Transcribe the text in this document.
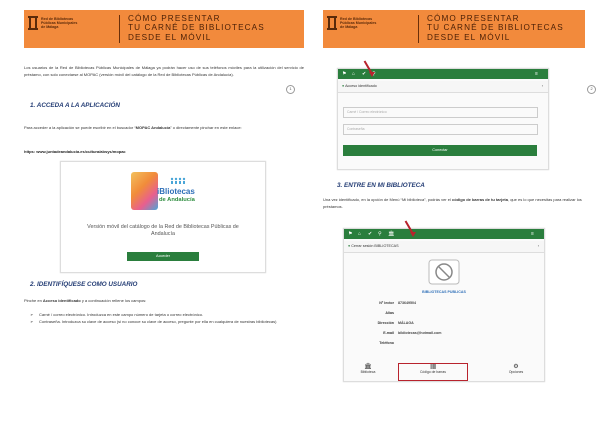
Red de Bibliotecas
Públicas Municipales
de Málaga
CÓMO PRESENTAR
TU CARNÉ DE BIBLIOTECAS
DESDE EL MÓVIL
Los usuarios de la Red de Bibliotecas Públicas Municipales de Málaga ya podrán hacer uso de sus teléfonos móviles para la utilización del servicio de préstamo, con solo conectarse al MOPAC (versión móvil del catálogo de la Red de Bibliotecas Públicas de Andalucía).
1. ACCEDA A LA APLICACIÓN
Para acceder a la aplicación se puede escribir en el buscador “MOPAC Andalucía” o directamente pinchar en este enlace:
https: www.juntadeandalucia.es/cultura/absys/mopac
iBliotecas
de Andalucía
Versión móvil del catálogo de la Red de Bibliotecas Públicas de Andalucía
Acceder
2. IDENTIFÍQUESE COMO USUARIO
Pinche en Acceso identificado y a continuación rellene los campos:
➢ Carné / correo electrónico. Introduzca en este campo número de tarjeta o correo electrónico.
➢ Contraseña. Introduzca su clave de acceso (si no conoce su clave de acceso, pregunte por ella en cualquiera de nuestras bibliotecas)
1
Red de Bibliotecas
Públicas Municipales
de Málaga
CÓMO PRESENTAR
TU CARNÉ DE BIBLIOTECAS
DESDE EL MÓVIL
⚑ ⌂ ✔ ⚲	≡
● Acceso identificado	›
Carné / Correo electrónico
Contraseña
Conectar
3. ENTRE EN MI BIBLIOTECA
Una vez identificado, en la opción de Menú “Mi biblioteca”, podrás ver el código de barras de tu tarjeta, que es lo que necesitas para realizar los préstamos.
⚑ ⌂ ✔ ⚲ 🏛	≡
● Cerrar sesión BIBLIOTECAS	›
BIBLIOTECAS PUBLICAS
Nº lector 873649504
Alias
Dirección MÁLAGA
E-mail bibliotecas@hotmail.com
Teléfono
🏛
Biblioteca
|||||||
Código de barras
⚙
Opciones
2
